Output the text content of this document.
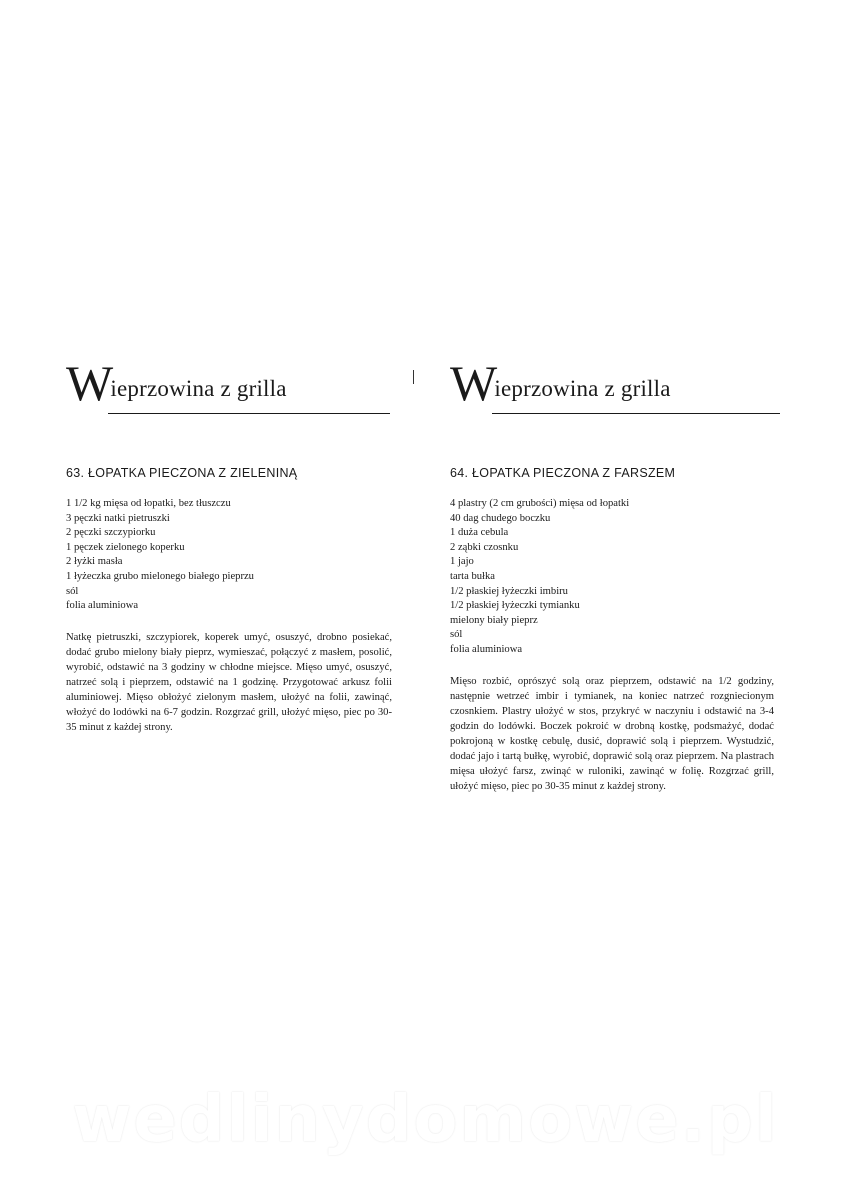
Wieprzowina z grilla
63. ŁOPATKA PIECZONA Z ZIELENINĄ
1 1/2 kg mięsa od łopatki, bez tłuszczu
3 pęczki natki pietruszki
2 pęczki szczypiorku
1 pęczek zielonego koperku
2 łyżki masła
1 łyżeczka grubo mielonego białego pieprzu
sól
folia aluminiowa

Natkę pietruszki, szczypiorek, koperek umyć, osuszyć, drobno posiekać, dodać grubo mielony biały pieprz, wymieszać, połączyć z masłem, posolić, wyrobić, odstawić na 3 godziny w chłodne miejsce. Mięso umyć, osuszyć, natrzeć solą i pieprzem, odstawić na 1 godzinę. Przygotować arkusz folii aluminiowej. Mięso obłożyć zielonym masłem, ułożyć na folii, zawinąć, włożyć do lodówki na 6-7 godzin. Rozgrzać grill, ułożyć mięso, piec po 30-35 minut z każdej strony.

Wieprzowina z grilla
64. ŁOPATKA PIECZONA Z FARSZEM
4 plastry (2 cm grubości) mięsa od łopatki
40 dag chudego boczku
1 duża cebula
2 ząbki czosnku
1 jajo
tarta bułka
1/2 płaskiej łyżeczki imbiru
1/2 płaskiej łyżeczki tymianku
mielony biały pieprz
sól
folia aluminiowa

Mięso rozbić, oprószyć solą oraz pieprzem, odstawić na 1/2 godziny, następnie wetrzeć imbir i tymianek, na koniec natrzeć rozgniecionym czosnkiem. Plastry ułożyć w stos, przykryć w naczyniu i odstawić na 3-4 godzin do lodówki. Boczek pokroić w drobną kostkę, podsmażyć, dodać pokrojoną w kostkę cebulę, dusić, doprawić solą i pieprzem. Wystudzić, dodać jajo i tartą bułkę, wyrobić, doprawić solą oraz pieprzem. Na plastrach mięsa ułożyć farsz, zwinąć w ruloniki, zawinąć w folię. Rozgrzać grill, ułożyć mięso, piec po 30-35 minut z każdej strony.

wedlinydomowe.pl
